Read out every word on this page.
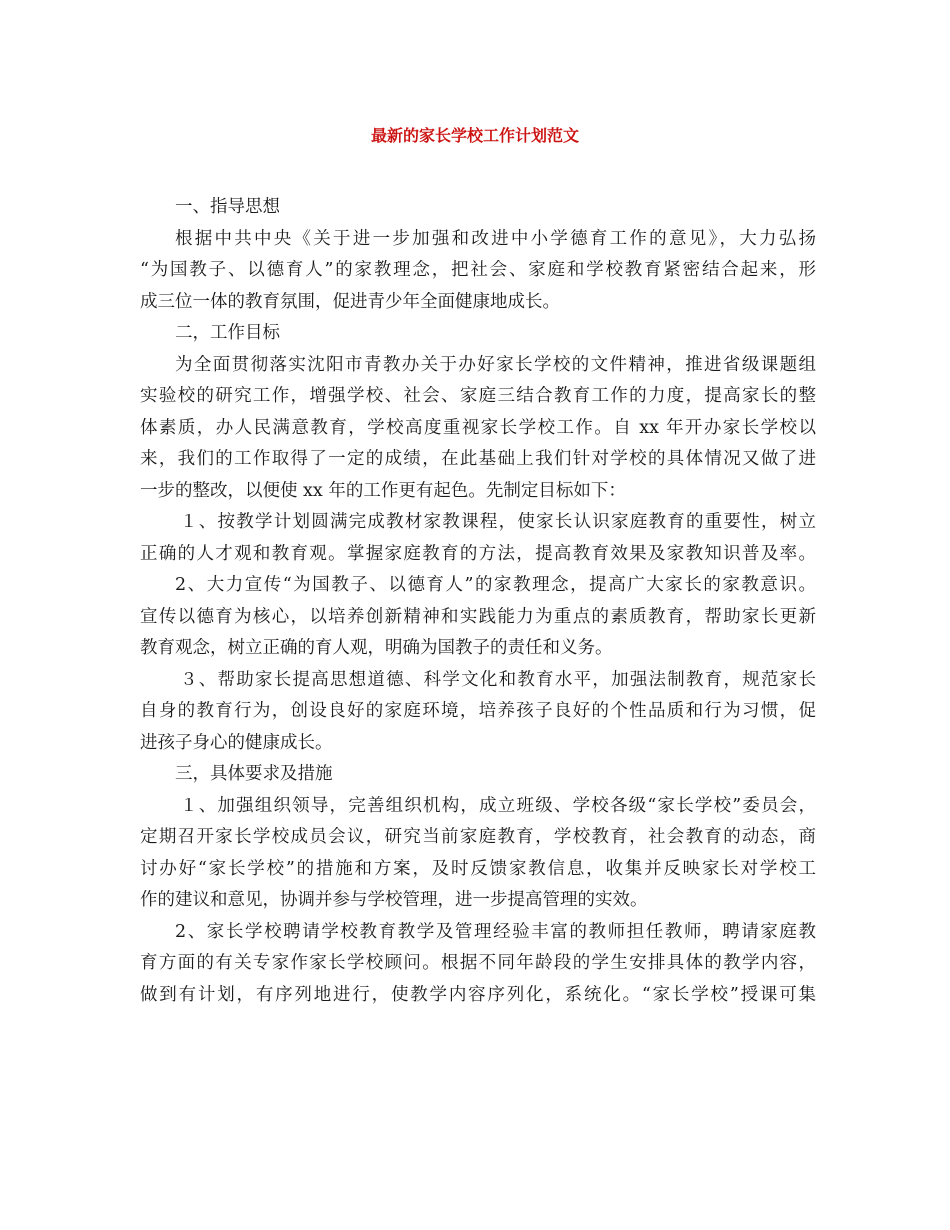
最新的家长学校工作计划范文
一、指导思想
根据中共中央《关于进一步加强和改进中小学德育工作的意见》，大力弘扬
“为国教子、以德育人”的家教理念，把社会、家庭和学校教育紧密结合起来，形
成三位一体的教育氛围，促进青少年全面健康地成长。
二，工作目标
为全面贯彻落实沈阳市青教办关于办好家长学校的文件精神，推进省级课题组
实验校的研究工作，增强学校、社会、家庭三结合教育工作的力度，提高家长的整
体素质，办人民满意教育，学校高度重视家长学校工作。自 xx 年开办家长学校以
来，我们的工作取得了一定的成绩，在此基础上我们针对学校的具体情况又做了进
一步的整改，以便使 xx 年的工作更有起色。先制定目标如下：
１、按教学计划圆满完成教材家教课程，使家长认识家庭教育的重要性，树立
正确的人才观和教育观。掌握家庭教育的方法，提高教育效果及家教知识普及率。
2、大力宣传“为国教子、以德育人”的家教理念，提高广大家长的家教意识。
宣传以德育为核心，以培养创新精神和实践能力为重点的素质教育，帮助家长更新
教育观念，树立正确的育人观，明确为国教子的责任和义务。
３、帮助家长提高思想道德、科学文化和教育水平，加强法制教育，规范家长
自身的教育行为，创设良好的家庭环境，培养孩子良好的个性品质和行为习惯，促
进孩子身心的健康成长。
三，具体要求及措施
１、加强组织领导，完善组织机构，成立班级、学校各级“家长学校”委员会，
定期召开家长学校成员会议，研究当前家庭教育，学校教育，社会教育的动态，商
讨办好“家长学校”的措施和方案，及时反馈家教信息，收集并反映家长对学校工
作的建议和意见，协调并参与学校管理，进一步提高管理的实效。
2、家长学校聘请学校教育教学及管理经验丰富的教师担任教师，聘请家庭教
育方面的有关专家作家长学校顾问。根据不同年龄段的学生安排具体的教学内容，
做到有计划，有序列地进行，使教学内容序列化，系统化。“家长学校”授课可集
